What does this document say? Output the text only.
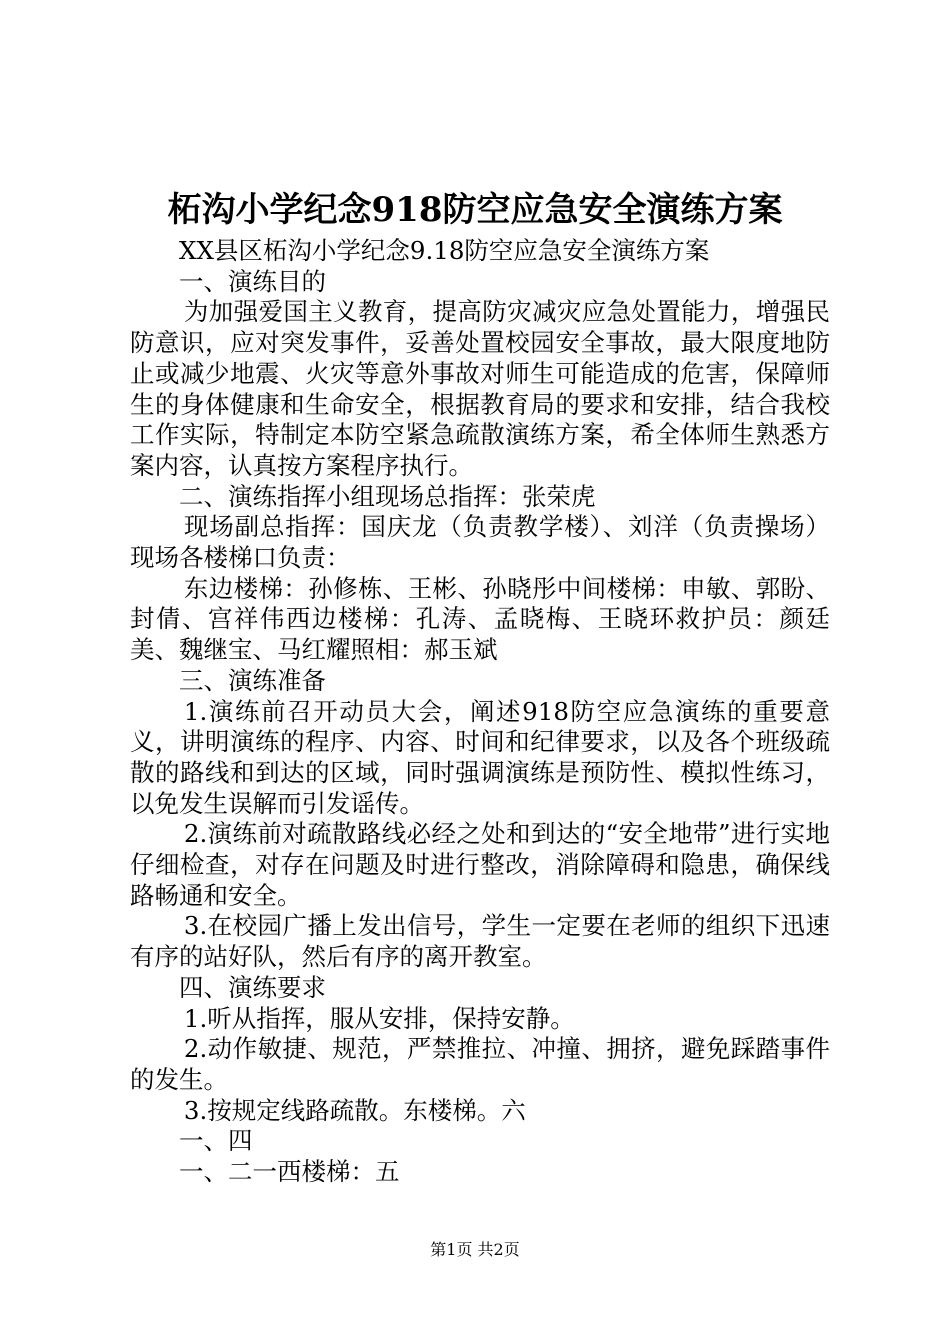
柘沟小学纪念918防空应急安全演练方案

XX县区柘沟小学纪念9.18防空应急安全演练方案

一、演练目的

为加强爱国主义教育，提高防灾减灾应急处置能力，增强民防意识，应对突发事件，妥善处置校园安全事故，最大限度地防止或减少地震、火灾等意外事故对师生可能造成的危害，保障师生的身体健康和生命安全，根据教育局的要求和安排，结合我校工作实际，特制定本防空紧急疏散演练方案，希全体师生熟悉方案内容，认真按方案程序执行。

二、演练指挥小组现场总指挥：张荣虎

现场副总指挥：国庆龙（负责教学楼）、刘洋（负责操场）现场各楼梯口负责：

东边楼梯：孙修栋、王彬、孙晓彤中间楼梯：申敏、郭盼、封倩、宫祥伟西边楼梯：孔涛、孟晓梅、王晓环救护员：颜廷美、魏继宝、马红耀照相：郝玉斌

三、演练准备

1.演练前召开动员大会，阐述918防空应急演练的重要意义，讲明演练的程序、内容、时间和纪律要求，以及各个班级疏散的路线和到达的区域，同时强调演练是预防性、模拟性练习，以免发生误解而引发谣传。

2.演练前对疏散路线必经之处和到达的“安全地带”进行实地仔细检查，对存在问题及时进行整改，消除障碍和隐患，确保线路畅通和安全。

3.在校园广播上发出信号，学生一定要在老师的组织下迅速有序的站好队，然后有序的离开教室。

四、演练要求

1.听从指挥，服从安排，保持安静。

2.动作敏捷、规范，严禁推拉、冲撞、拥挤，避免踩踏事件的发生。

3.按规定线路疏散。东楼梯。六

一、四

一、二一西楼梯：五

第1页 共2页
